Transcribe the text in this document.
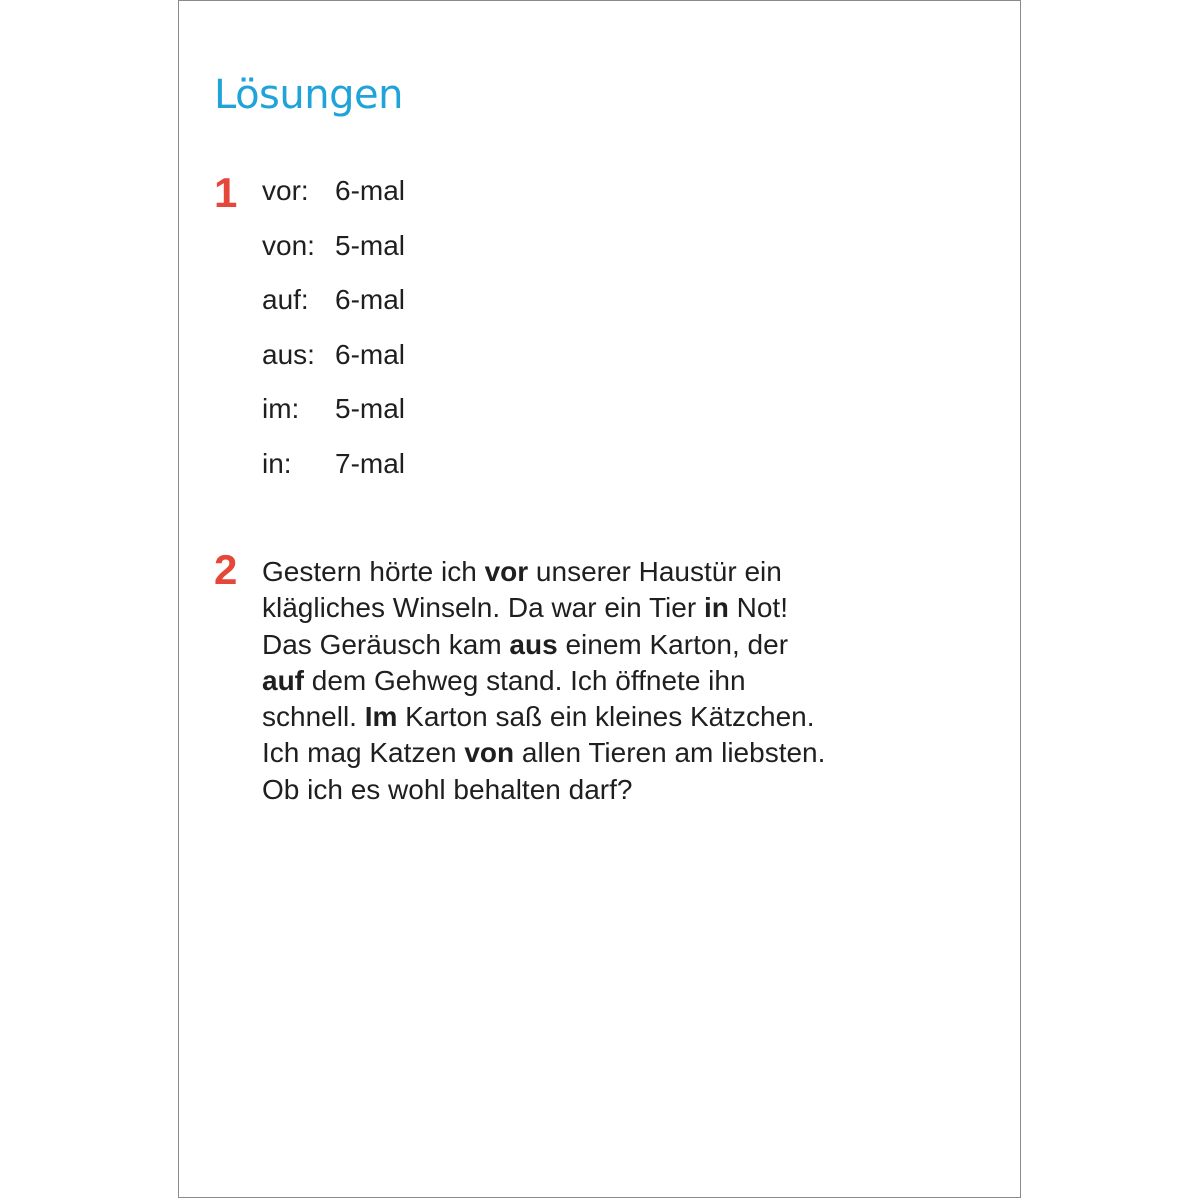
Lösungen
1 vor: 6-mal
von: 5-mal
auf: 6-mal
aus: 6-mal
im: 5-mal
in: 7-mal
2 Gestern hörte ich vor unserer Haustür ein
klägliches Winseln. Da war ein Tier in Not!
Das Geräusch kam aus einem Karton, der
auf dem Gehweg stand. Ich öffnete ihn
schnell. Im Karton saß ein kleines Kätzchen.
Ich mag Katzen von allen Tieren am liebsten.
Ob ich es wohl behalten darf?
